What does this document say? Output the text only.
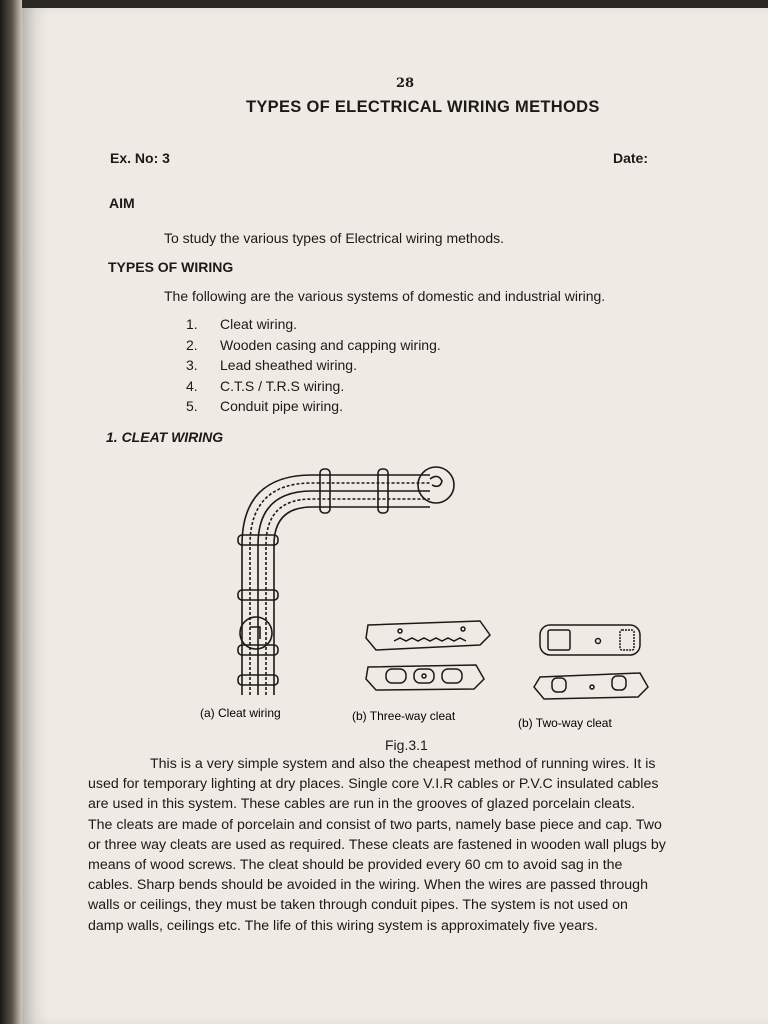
28
TYPES OF ELECTRICAL WIRING METHODS
Ex. No: 3	Date:
AIM
To study the various types of Electrical wiring methods.
TYPES OF WIRING
The following are the various systems of domestic and industrial wiring.
1.	Cleat wiring.
2.	Wooden casing and capping wiring.
3.	Lead sheathed wiring.
4.	C.T.S / T.R.S wiring.
5.	Conduit pipe wiring.
1. CLEAT WIRING
(a) Cleat wiring	(b) Three-way cleat	(b) Two-way cleat
Fig.3.1

This is a very simple system and also the cheapest method of running wires. It is
used for temporary lighting at dry places. Single core V.I.R cables or P.V.C insulated cables
are used in this system. These cables are run in the grooves of glazed porcelain cleats.
The cleats are made of porcelain and consist of two parts, namely base piece and cap. Two
or three way cleats are used as required. These cleats are fastened in wooden wall plugs by
means of wood screws. The cleat should be provided every 60 cm to avoid sag in the
cables. Sharp bends should be avoided in the wiring. When the wires are passed through
walls or ceilings, they must be taken through conduit pipes. The system is not used on
damp walls, ceilings etc. The life of this wiring system is approximately five years.
